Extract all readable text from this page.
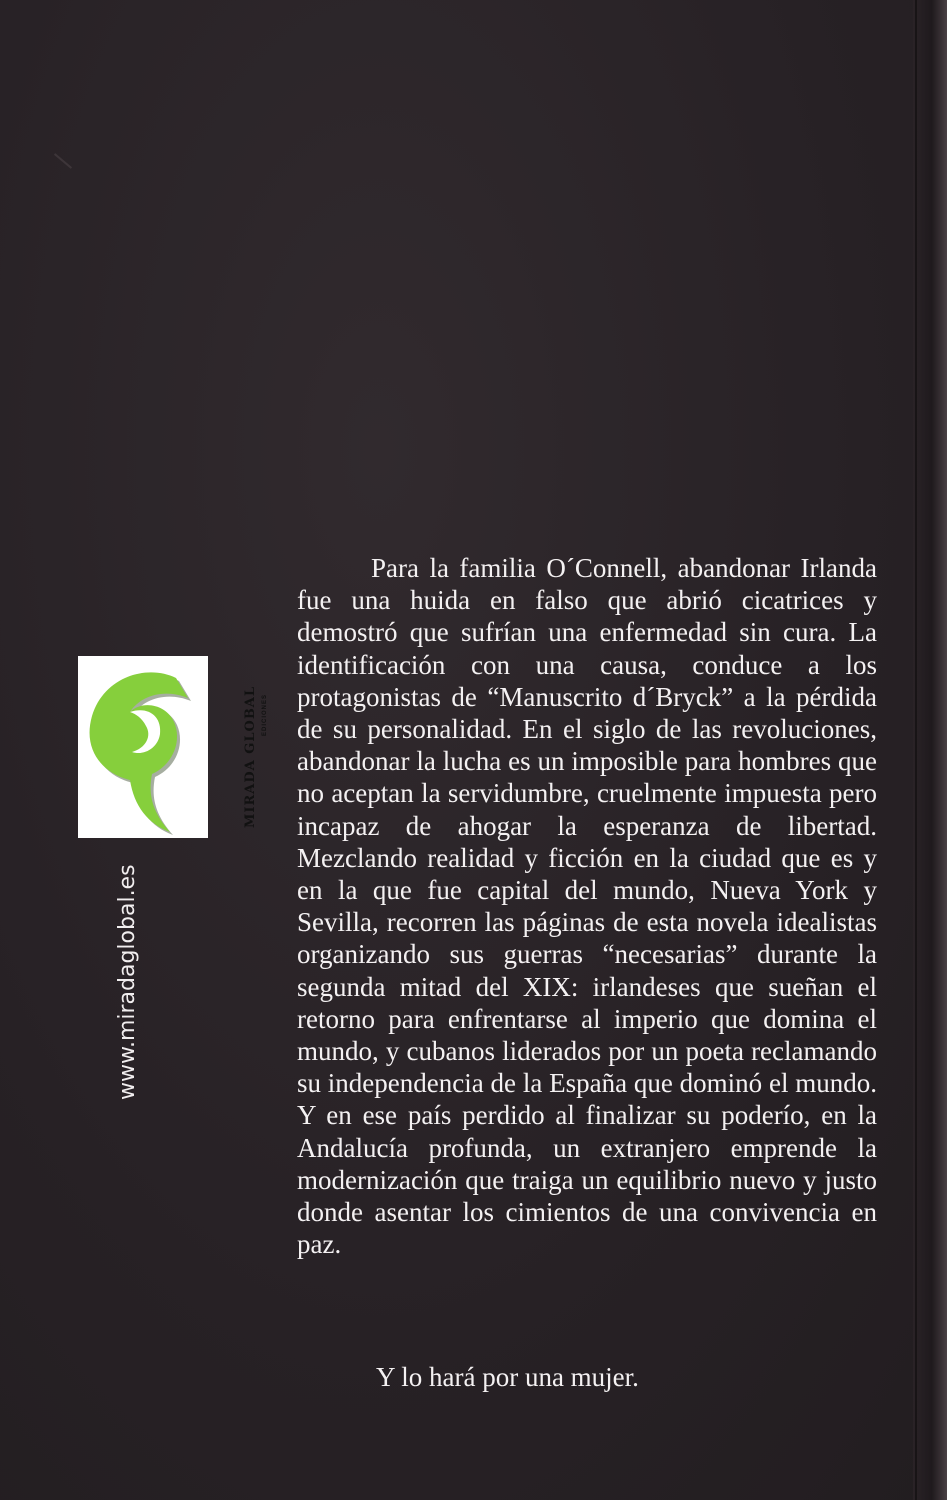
MIRADA GLOBAL EDICIONES
www.miradaglobal.es

Para la familia O´Connell, abandonar Irlanda fue una huida en falso que abrió cicatrices y demostró que sufrían una enfermedad sin cura. La identificación con una causa, conduce a los protagonistas de “Manuscrito d´Bryck” a la pérdida de su personalidad. En el siglo de las revoluciones, abandonar la lucha es un imposible para hombres que no aceptan la servidumbre, cruelmente impuesta pero incapaz de ahogar la esperanza de libertad. Mezclando realidad y ficción en la ciudad que es y en la que fue capital del mundo, Nueva York y Sevilla, recorren las páginas de esta novela idealistas organizando sus guerras “necesarias” durante la segunda mitad del XIX: irlandeses que sueñan el retorno para enfrentarse al imperio que domina el mundo, y cubanos liderados por un poeta reclamando su independencia de la España que dominó el mundo. Y en ese país perdido al finalizar su poderío, en la Andalucía profunda, un extranjero emprende la modernización que traiga un equilibrio nuevo y justo donde asentar los cimientos de una convivencia en paz.

Y lo hará por una mujer.
